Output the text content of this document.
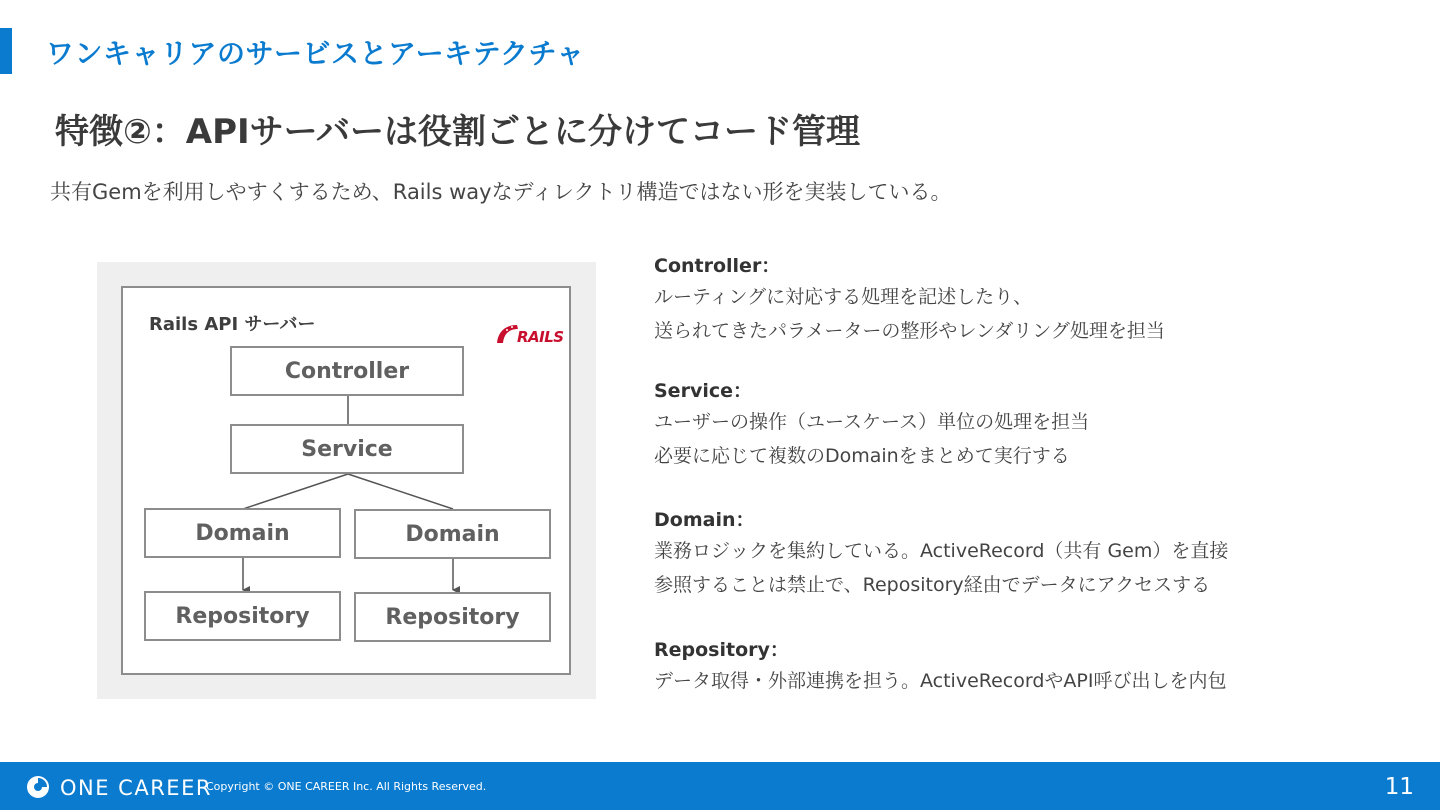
ワンキャリアのサービスとアーキテクチャ
特徴②：APIサーバーは役割ごとに分けてコード管理
共有Gemを利用しやすくするため、Rails wayなディレクトリ構造ではない形を実装している。
Rails API サーバー
RAILS
Controller
Service
Domain	Domain
Repository	Repository
Controller：
ルーティングに対応する処理を記述したり、
送られてきたパラメーターの整形やレンダリング処理を担当
Service：
ユーザーの操作（ユースケース）単位の処理を担当
必要に応じて複数のDomainをまとめて実行する
Domain：
業務ロジックを集約している。ActiveRecord（共有 Gem）を直接
参照することは禁止で、Repository経由でデータにアクセスする
Repository：
データ取得・外部連携を担う。ActiveRecordやAPI呼び出しを内包
ONE CAREER
Copyright © ONE CAREER Inc. All Rights Reserved.	11
